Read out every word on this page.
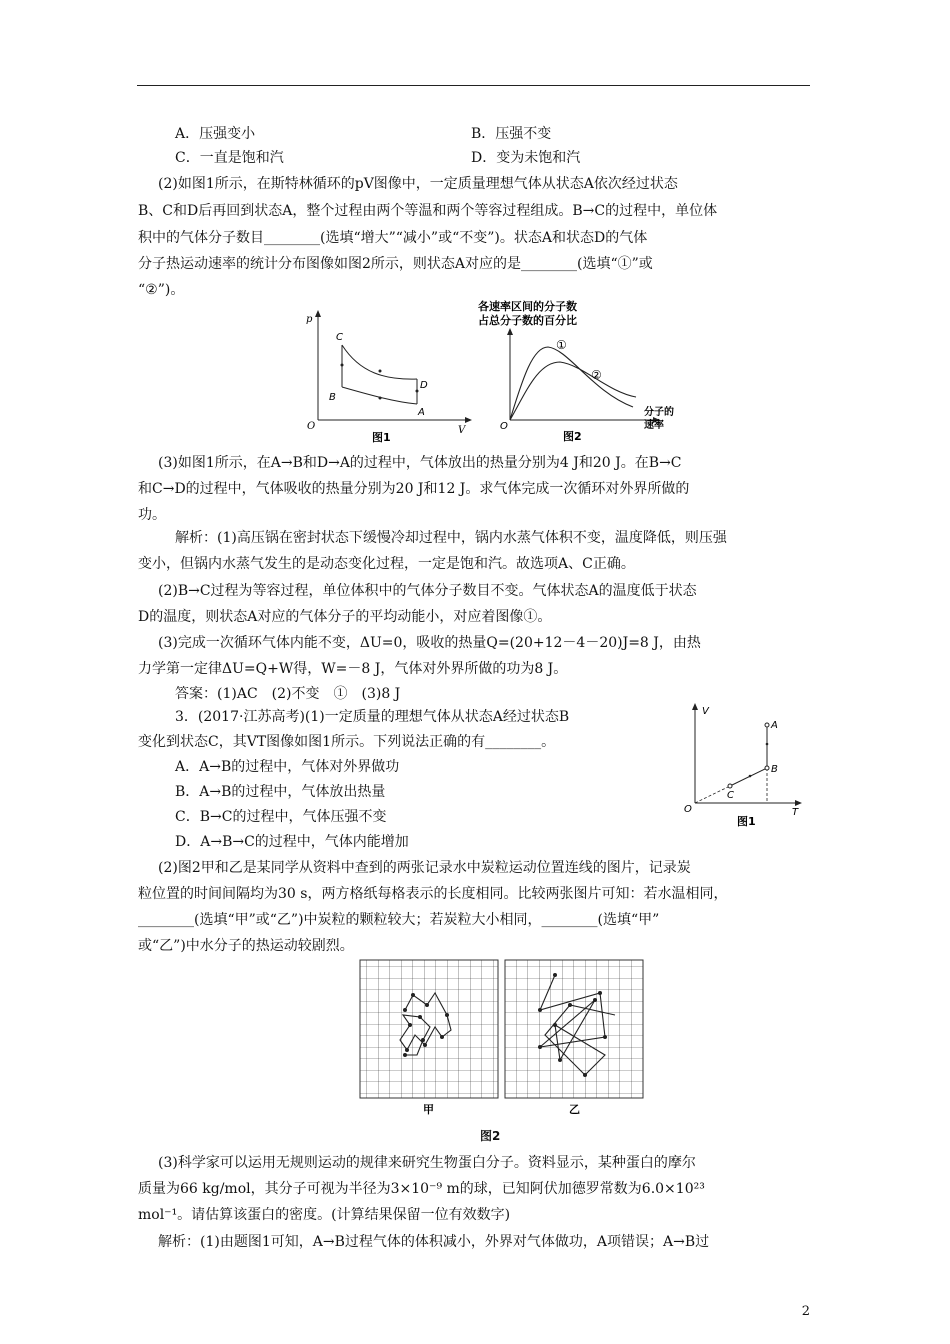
A．压强变小	B．压强不变
C．一直是饱和汽	D．变为未饱和汽
(2)如图1所示，在斯特林循环的pV图像中，一定质量理想气体从状态A依次经过状态
B、C和D后再回到状态A，整个过程由两个等温和两个等容过程组成。B→C的过程中，单位体
积中的气体分子数目________(选填“增大”“减小”或“不变”)。状态A和状态D的气体
分子热运动速率的统计分布图像如图2所示，则状态A对应的是________(选填“①”或
“②”)。
p
V
O
C
B
D
A
图1
各速率区间的分子数
占总分子数的百分比
①
②
分子的
速率
O
图2
(3)如图1所示，在A→B和D→A的过程中，气体放出的热量分别为4 J和20 J。在B→C
和C→D的过程中，气体吸收的热量分别为20 J和12 J。求气体完成一次循环对外界所做的
功。
解析：(1)高压锅在密封状态下缓慢冷却过程中，锅内水蒸气体积不变，温度降低，则压强
变小，但锅内水蒸气发生的是动态变化过程，一定是饱和汽。故选项A、C正确。
(2)B→C过程为等容过程，单位体积中的气体分子数目不变。气体状态A的温度低于状态
D的温度，则状态A对应的气体分子的平均动能小，对应着图像①。
(3)完成一次循环气体内能不变，ΔU=0，吸收的热量Q=(20+12－4－20)J=8 J，由热
力学第一定律ΔU=Q+W得，W=－8 J，气体对外界所做的功为8 J。
答案：(1)AC　(2)不变　①　(3)8 J
3．(2017·江苏高考)(1)一定质量的理想气体从状态A经过状态B
变化到状态C，其VT图像如图1所示。下列说法正确的有________。
A．A→B的过程中，气体对外界做功
B．A→B的过程中，气体放出热量
C．B→C的过程中，气体压强不变
D．A→B→C的过程中，气体内能增加
V
T
O
A
B
C
图1
(2)图2甲和乙是某同学从资料中查到的两张记录水中炭粒运动位置连线的图片，记录炭
粒位置的时间间隔均为30 s，两方格纸每格表示的长度相同。比较两张图片可知：若水温相同，
________(选填“甲”或“乙”)中炭粒的颗粒较大；若炭粒大小相同，________(选填“甲”
或“乙”)中水分子的热运动较剧烈。
甲	乙
图2
(3)科学家可以运用无规则运动的规律来研究生物蛋白分子。资料显示，某种蛋白的摩尔
质量为66 kg/mol，其分子可视为半径为3×10⁻⁹ m的球，已知阿伏加德罗常数为6.0×10²³
mol⁻¹。请估算该蛋白的密度。(计算结果保留一位有效数字)
解析：(1)由题图1可知，A→B过程气体的体积减小，外界对气体做功，A项错误；A→B过
2
